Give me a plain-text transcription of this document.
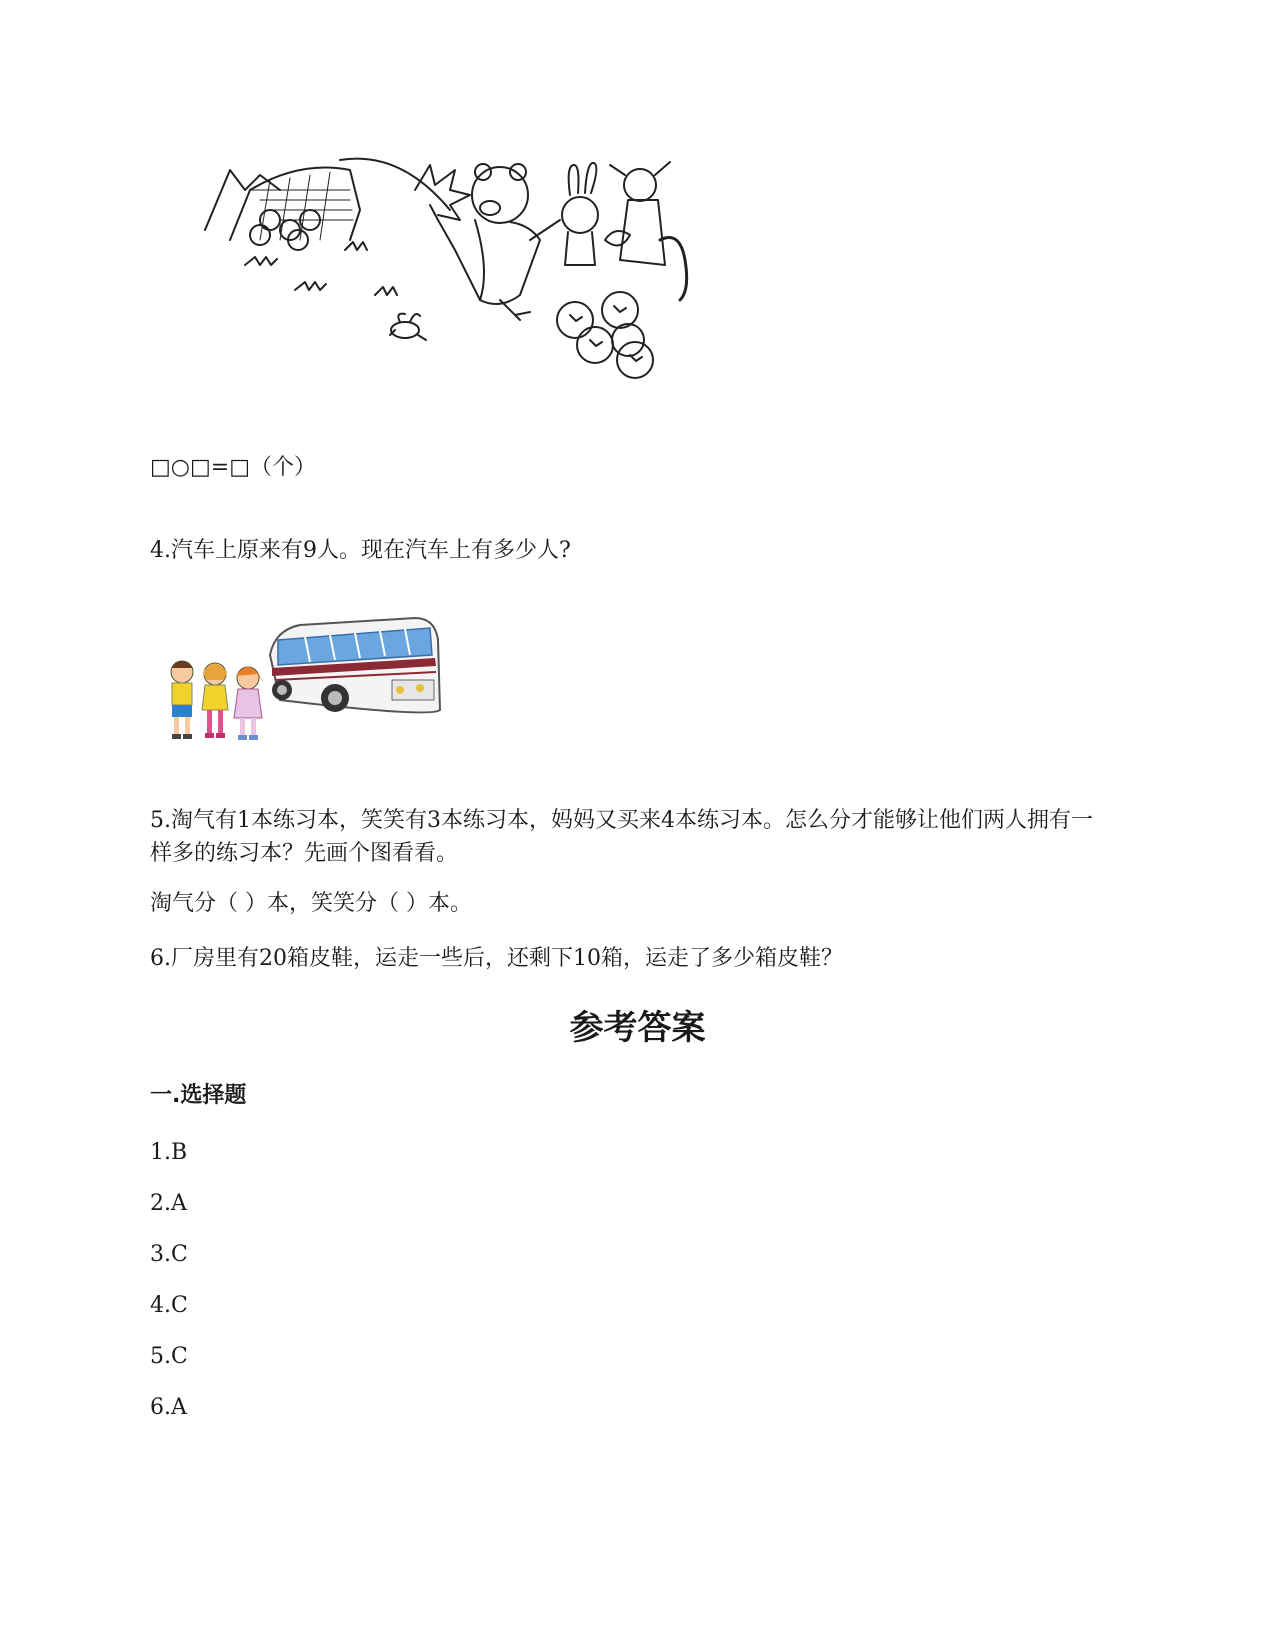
□○□=□（个）
4.汽车上原来有9人。现在汽车上有多少人?
5.淘气有1本练习本，笑笑有3本练习本，妈妈又买来4本练习本。怎么分才能够让他们两人拥有一样多的练习本？先画个图看看。
淘气分（ ）本，笑笑分（ ）本。
6.厂房里有20箱皮鞋，运走一些后，还剩下10箱，运走了多少箱皮鞋？
参考答案
一.选择题
1.B
2.A
3.C
4.C
5.C
6.A
